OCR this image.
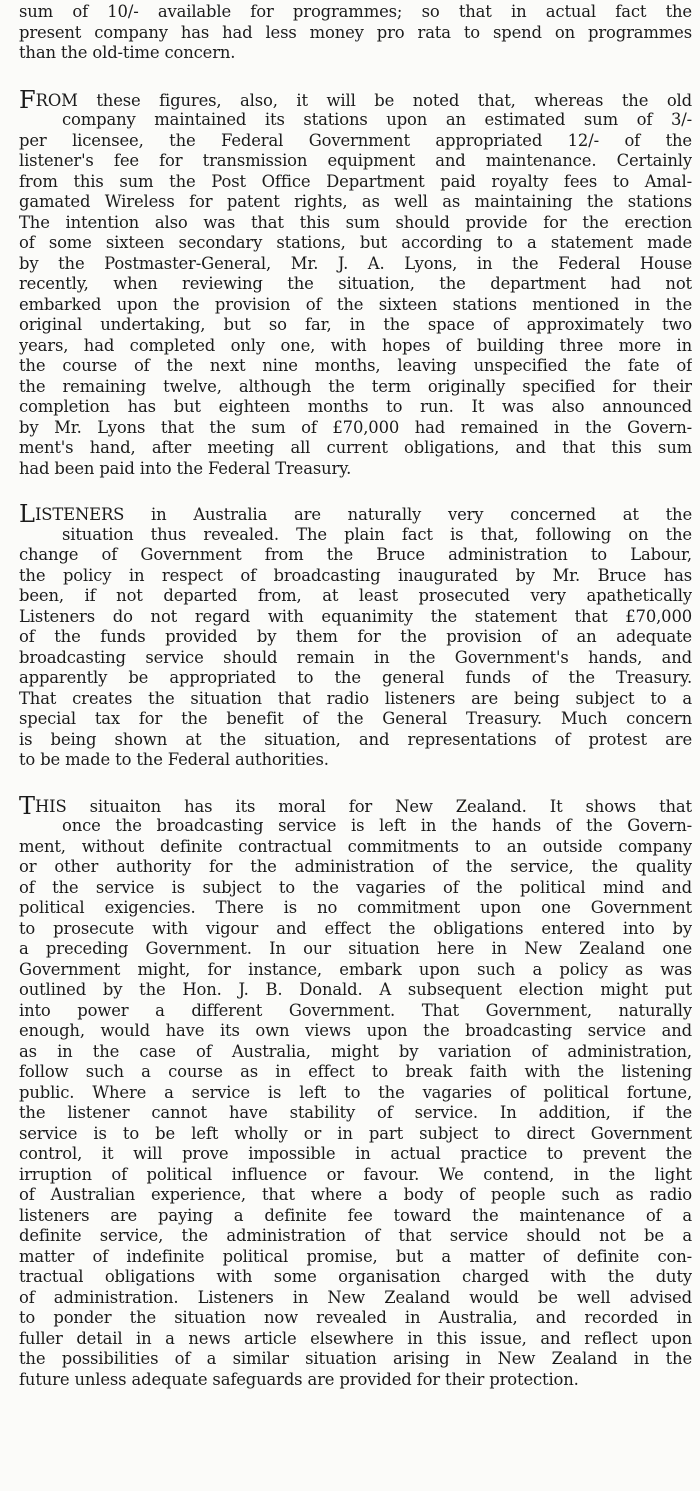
sum of 10/- available for programmes; so that in actual fact the
present company has had less money pro rata to spend on programmes
than the old-time concern.
FROM these figures, also, it will be noted that, whereas the old
company maintained its stations upon an estimated sum of 3/-
per licensee, the Federal Government appropriated 12/- of the
listener's fee for transmission equipment and maintenance. Certainly
from this sum the Post Office Department paid royalty fees to Amal-
gamated Wireless for patent rights, as well as maintaining the stations
The intention also was that this sum should provide for the erection
of some sixteen secondary stations, but according to a statement made
by the Postmaster-General, Mr. J. A. Lyons, in the Federal House
recently, when reviewing the situation, the department had not
embarked upon the provision of the sixteen stations mentioned in the
original undertaking, but so far, in the space of approximately two
years, had completed only one, with hopes of building three more in
the course of the next nine months, leaving unspecified the fate of
the remaining twelve, although the term originally specified for their
completion has but eighteen months to run. It was also announced
by Mr. Lyons that the sum of £70,000 had remained in the Govern-
ment's hand, after meeting all current obligations, and that this sum
had been paid into the Federal Treasury.
LISTENERS in Australia are naturally very concerned at the
situation thus revealed. The plain fact is that, following on the
change of Government from the Bruce administration to Labour,
the policy in respect of broadcasting inaugurated by Mr. Bruce has
been, if not departed from, at least prosecuted very apathetically
Listeners do not regard with equanimity the statement that £70,000
of the funds provided by them for the provision of an adequate
broadcasting service should remain in the Government's hands, and
apparently be appropriated to the general funds of the Treasury.
That creates the situation that radio listeners are being subject to a
special tax for the benefit of the General Treasury. Much concern
is being shown at the situation, and representations of protest are
to be made to the Federal authorities.
THIS situaiton has its moral for New Zealand. It shows that
once the broadcasting service is left in the hands of the Govern-
ment, without definite contractual commitments to an outside company
or other authority for the administration of the service, the quality
of the service is subject to the vagaries of the political mind and
political exigencies. There is no commitment upon one Government
to prosecute with vigour and effect the obligations entered into by
a preceding Government. In our situation here in New Zealand one
Government might, for instance, embark upon such a policy as was
outlined by the Hon. J. B. Donald. A subsequent election might put
into power a different Government. That Government, naturally
enough, would have its own views upon the broadcasting service and
as in the case of Australia, might by variation of administration,
follow such a course as in effect to break faith with the listening
public. Where a service is left to the vagaries of political fortune,
the listener cannot have stability of service. In addition, if the
service is to be left wholly or in part subject to direct Government
control, it will prove impossible in actual practice to prevent the
irruption of political influence or favour. We contend, in the light
of Australian experience, that where a body of people such as radio
listeners are paying a definite fee toward the maintenance of a
definite service, the administration of that service should not be a
matter of indefinite political promise, but a matter of definite con-
tractual obligations with some organisation charged with the duty
of administration. Listeners in New Zealand would be well advised
to ponder the situation now revealed in Australia, and recorded in
fuller detail in a news article elsewhere in this issue, and reflect upon
the possibilities of a similar situation arising in New Zealand in the
future unless adequate safeguards are provided for their protection.
